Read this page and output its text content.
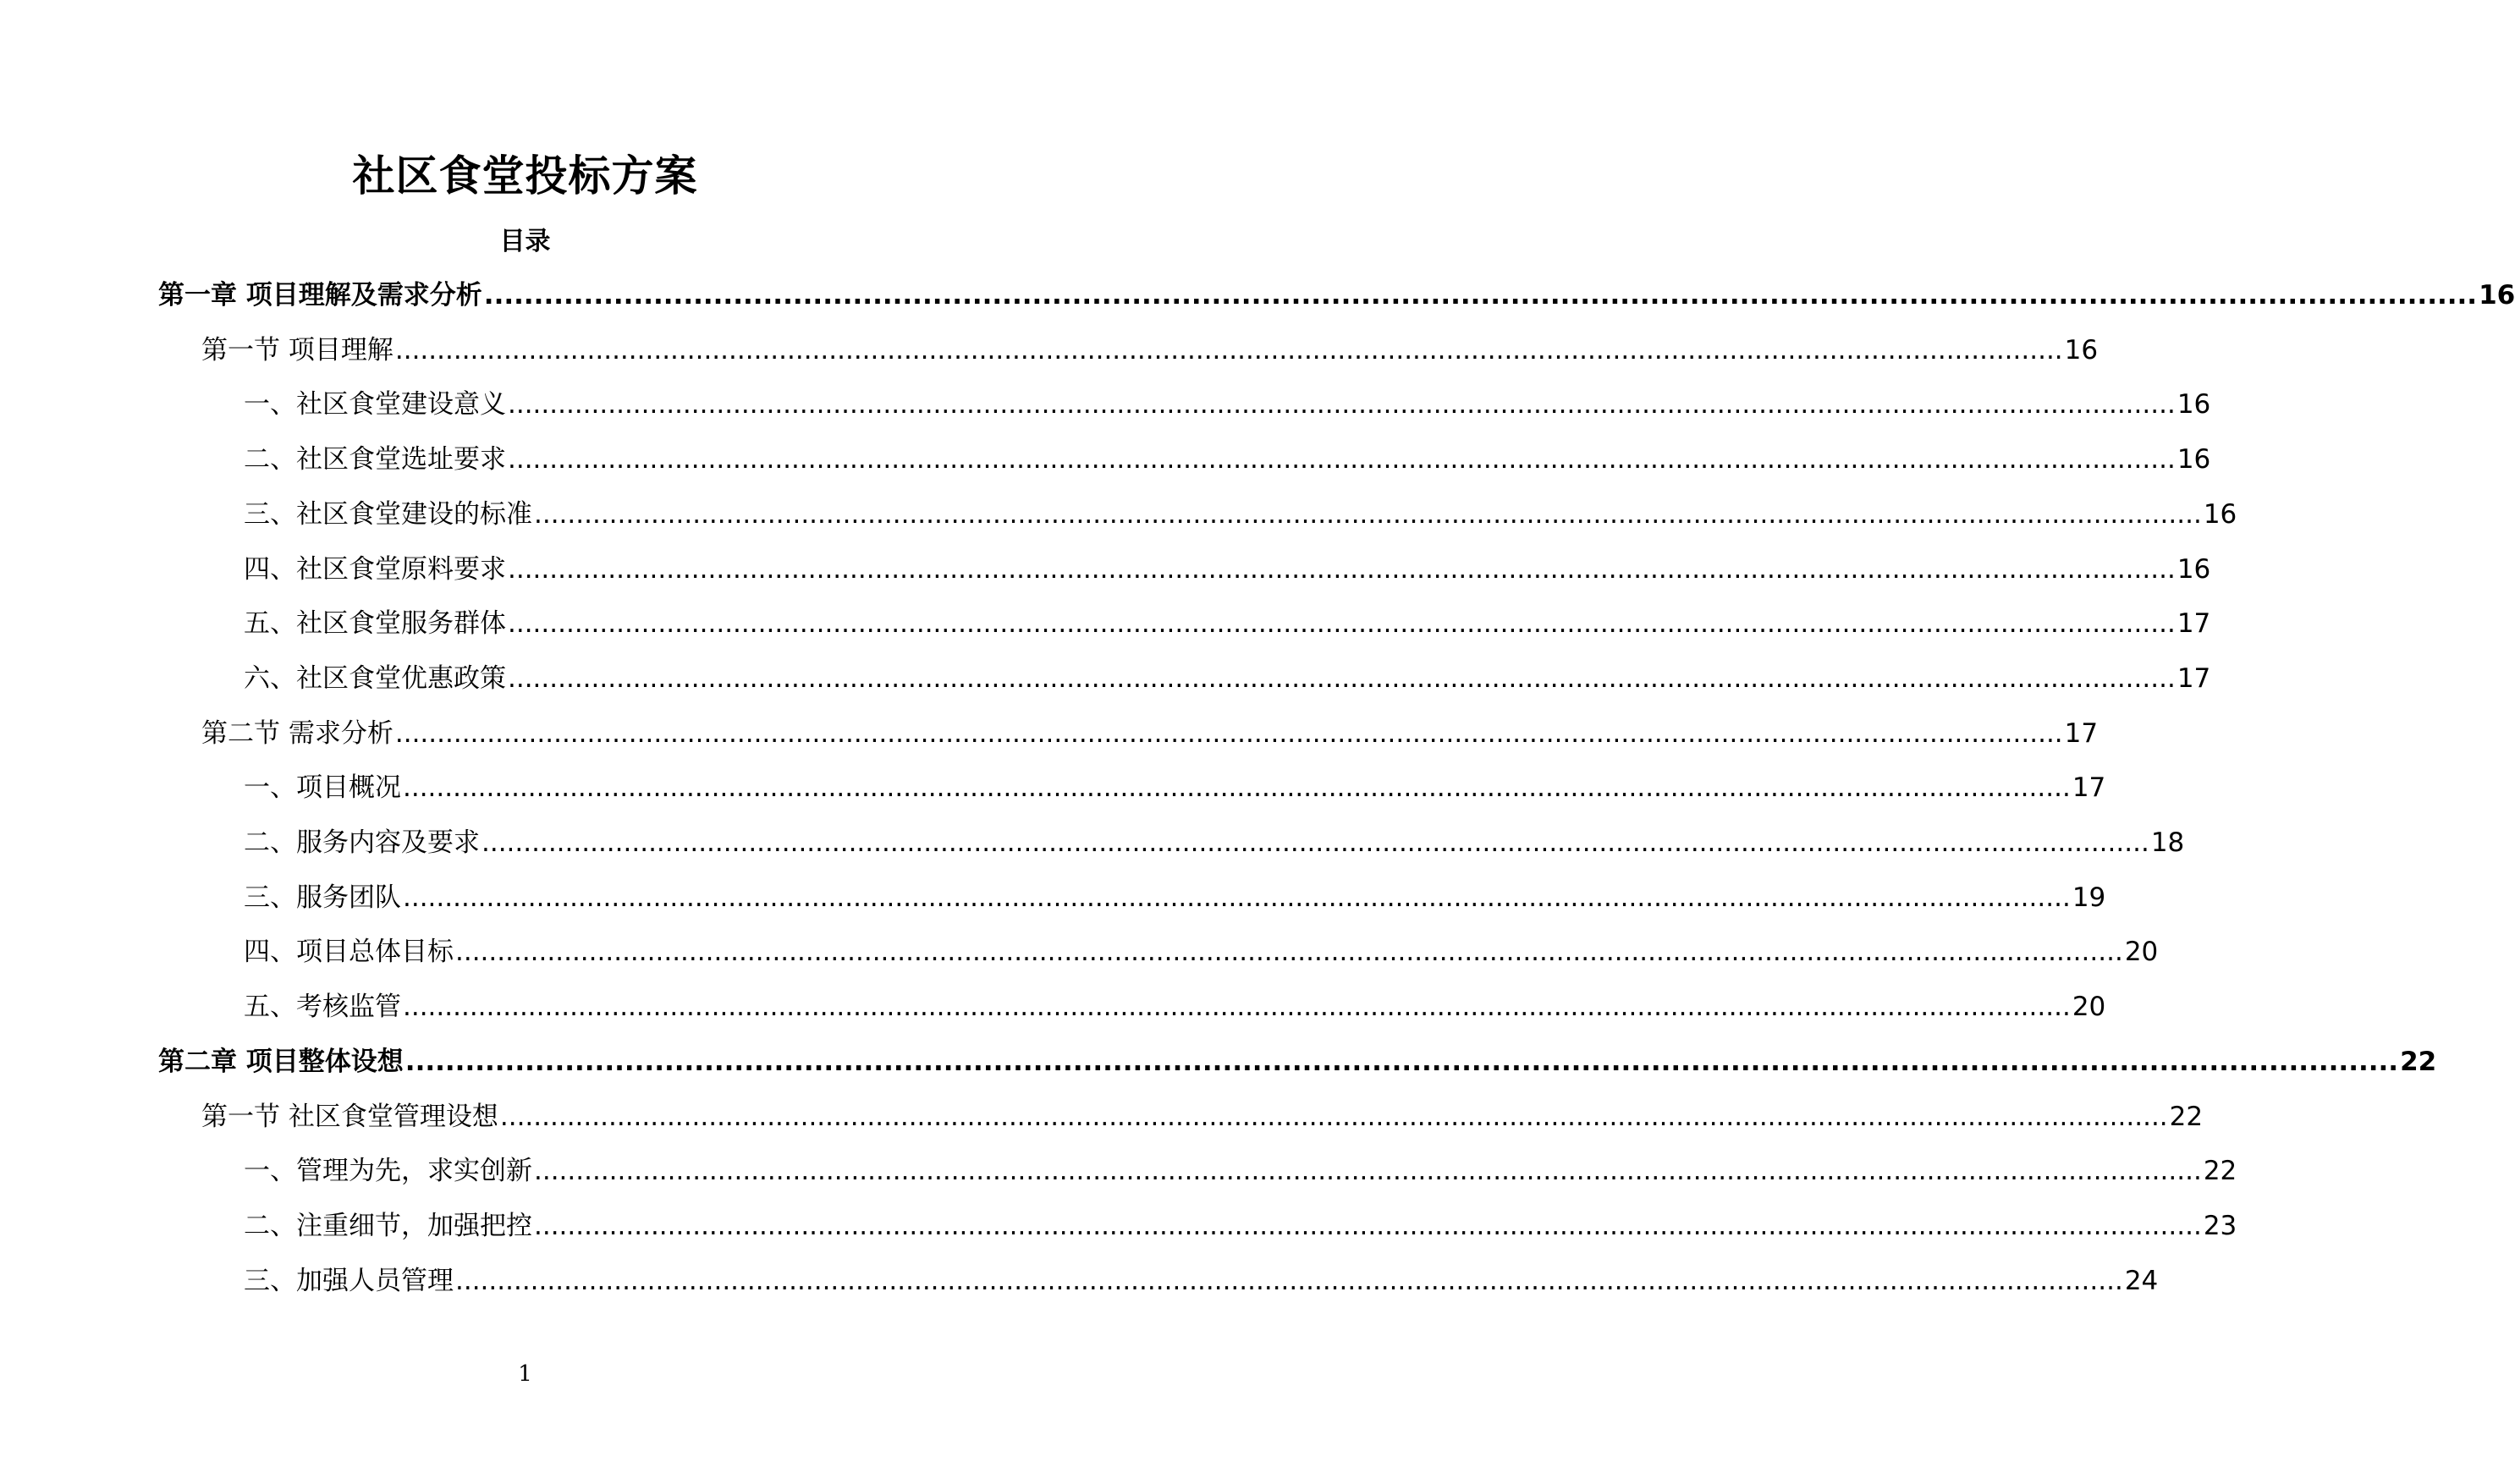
社区食堂投标方案
目录
第一章 项目理解及需求分析 ........................................................................................................................................................................................................ 16
第一节 项目理解 ........................................................................................................................................................................................................ 16
一、社区食堂建设意义 ........................................................................................................................................................................................................ 16
二、社区食堂选址要求 ........................................................................................................................................................................................................ 16
三、社区食堂建设的标准 ........................................................................................................................................................................................................ 16
四、社区食堂原料要求 ........................................................................................................................................................................................................ 16
五、社区食堂服务群体 ........................................................................................................................................................................................................ 17
六、社区食堂优惠政策 ........................................................................................................................................................................................................ 17
第二节 需求分析 ........................................................................................................................................................................................................ 17
一、项目概况 ........................................................................................................................................................................................................ 17
二、服务内容及要求 ........................................................................................................................................................................................................ 18
三、服务团队 ........................................................................................................................................................................................................ 19
四、项目总体目标 ........................................................................................................................................................................................................ 20
五、考核监管 ........................................................................................................................................................................................................ 20
第二章 项目整体设想 ........................................................................................................................................................................................................ 22
第一节 社区食堂管理设想 ........................................................................................................................................................................................................ 22
一、管理为先，求实创新 ........................................................................................................................................................................................................ 22
二、注重细节，加强把控 ........................................................................................................................................................................................................ 23
三、加强人员管理 ........................................................................................................................................................................................................ 24
1
